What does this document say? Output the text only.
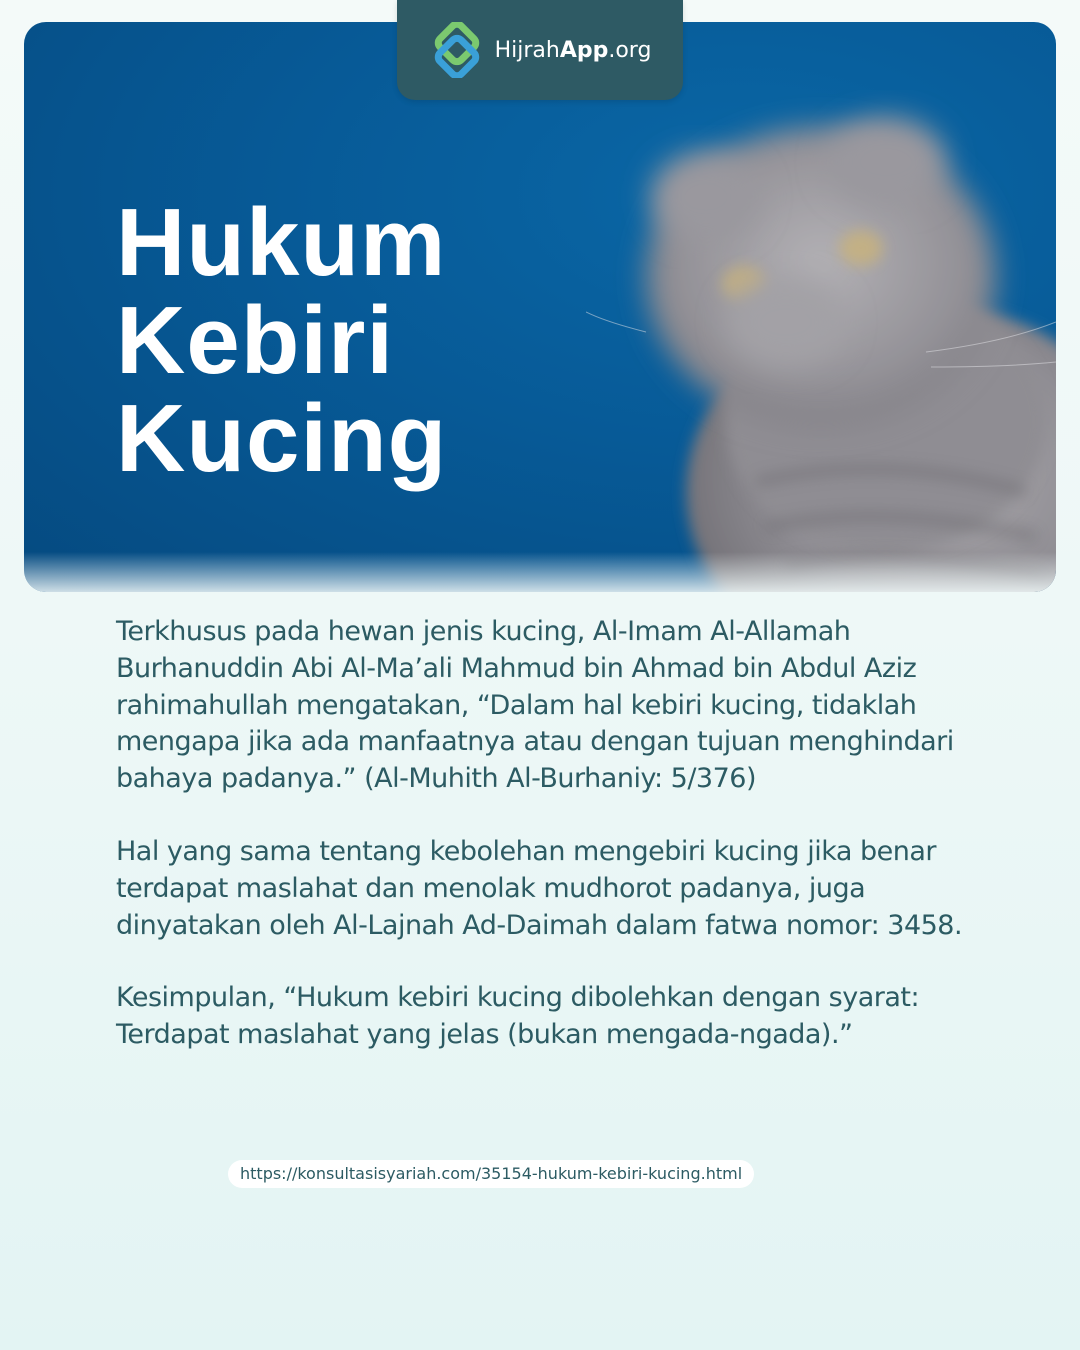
Hukum
Kebiri
Kucing
HijrahApp.org

Terkhusus pada hewan jenis kucing, Al-Imam Al-Allamah Burhanuddin Abi Al-Ma’ali Mahmud bin Ahmad bin Abdul Aziz rahimahullah mengatakan, “Dalam hal kebiri kucing, tidaklah mengapa jika ada manfaatnya atau dengan tujuan menghindari bahaya padanya.” (Al-Muhith Al-Burhaniy: 5/376)

Hal yang sama tentang kebolehan mengebiri kucing jika benar terdapat maslahat dan menolak mudhorot padanya, juga dinyatakan oleh Al-Lajnah Ad-Daimah dalam fatwa nomor: 3458.

Kesimpulan, “Hukum kebiri kucing dibolehkan dengan syarat: Terdapat maslahat yang jelas (bukan mengada-ngada).”

https://konsultasisyariah.com/35154-hukum-kebiri-kucing.html
